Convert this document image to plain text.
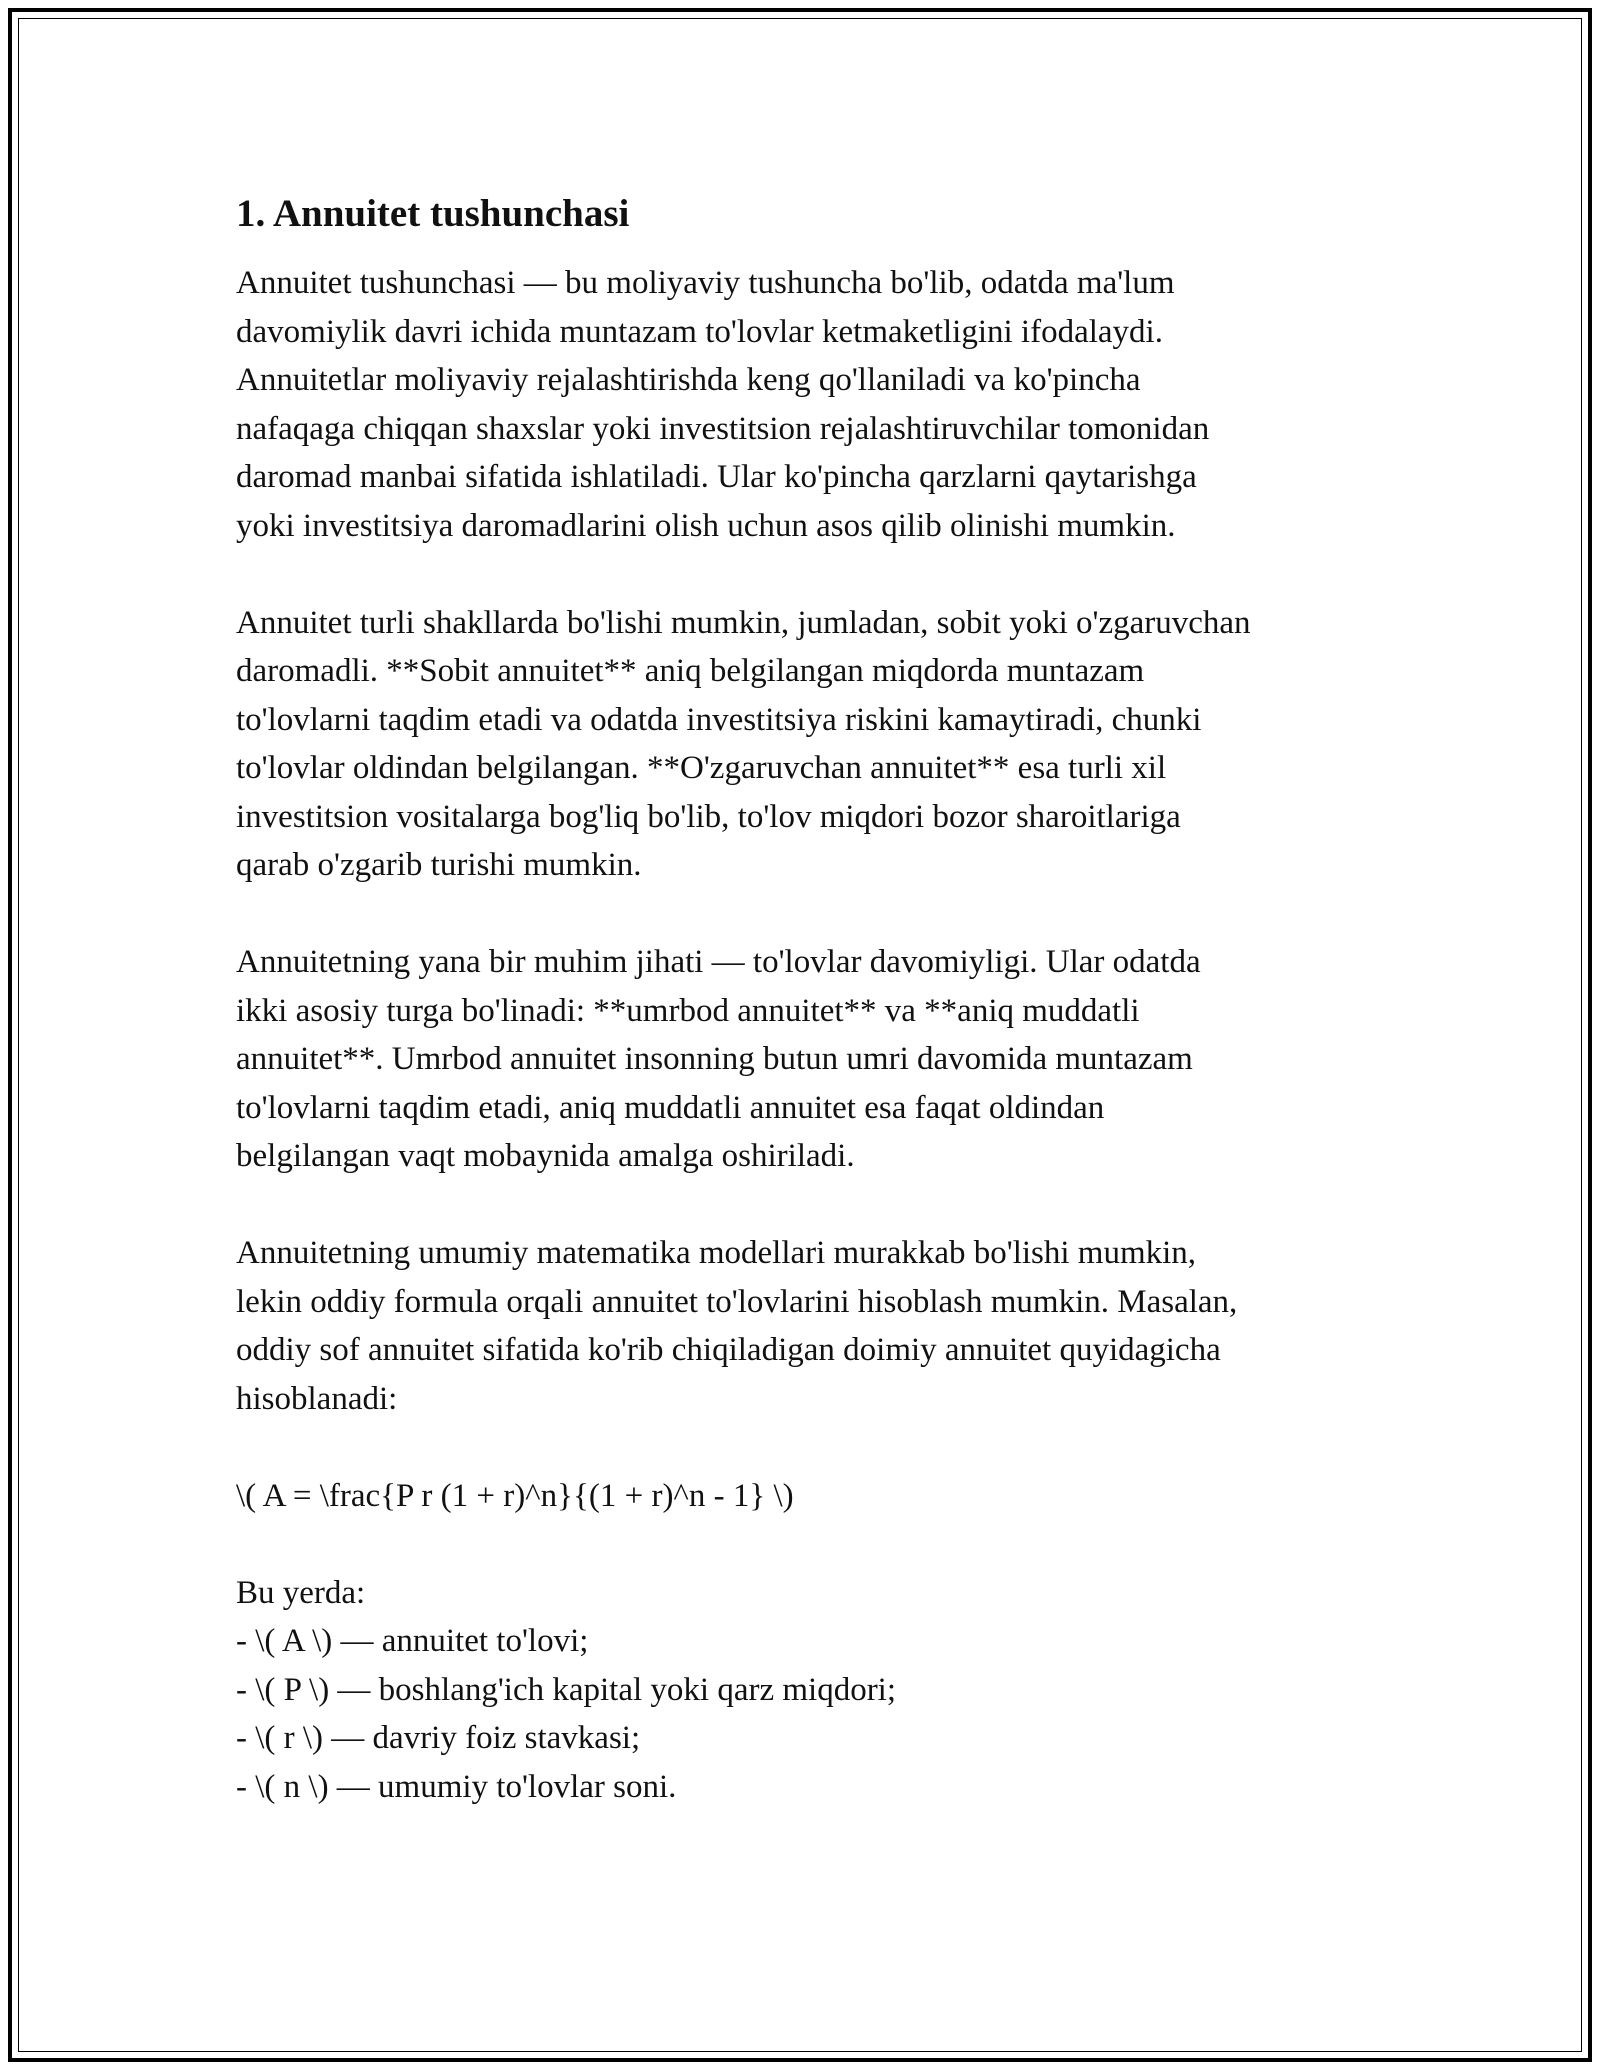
1. Annuitet tushunchasi

Annuitet tushunchasi — bu moliyaviy tushuncha bo'lib, odatda ma'lum
davomiylik davri ichida muntazam to'lovlar ketmaketligini ifodalaydi.
Annuitetlar moliyaviy rejalashtirishda keng qo'llaniladi va ko'pincha
nafaqaga chiqqan shaxslar yoki investitsion rejalashtiruvchilar tomonidan
daromad manbai sifatida ishlatiladi. Ular ko'pincha qarzlarni qaytarishga
yoki investitsiya daromadlarini olish uchun asos qilib olinishi mumkin.

Annuitet turli shakllarda bo'lishi mumkin, jumladan, sobit yoki o'zgaruvchan
daromadli. **Sobit annuitet** aniq belgilangan miqdorda muntazam
to'lovlarni taqdim etadi va odatda investitsiya riskini kamaytiradi, chunki
to'lovlar oldindan belgilangan. **O'zgaruvchan annuitet** esa turli xil
investitsion vositalarga bog'liq bo'lib, to'lov miqdori bozor sharoitlariga
qarab o'zgarib turishi mumkin.

Annuitetning yana bir muhim jihati — to'lovlar davomiyligi. Ular odatda
ikki asosiy turga bo'linadi: **umrbod annuitet** va **aniq muddatli
annuitet**. Umrbod annuitet insonning butun umri davomida muntazam
to'lovlarni taqdim etadi, aniq muddatli annuitet esa faqat oldindan
belgilangan vaqt mobaynida amalga oshiriladi.

Annuitetning umumiy matematika modellari murakkab bo'lishi mumkin,
lekin oddiy formula orqali annuitet to'lovlarini hisoblash mumkin. Masalan,
oddiy sof annuitet sifatida ko'rib chiqiladigan doimiy annuitet quyidagicha
hisoblanadi:

\( A = \frac{P r (1 + r)^n}{(1 + r)^n - 1} \)

Bu yerda:

- \( A \) — annuitet to'lovi;
- \( P \) — boshlang'ich kapital yoki qarz miqdori;
- \( r \) — davriy foiz stavkasi;
- \( n \) — umumiy to'lovlar soni.
